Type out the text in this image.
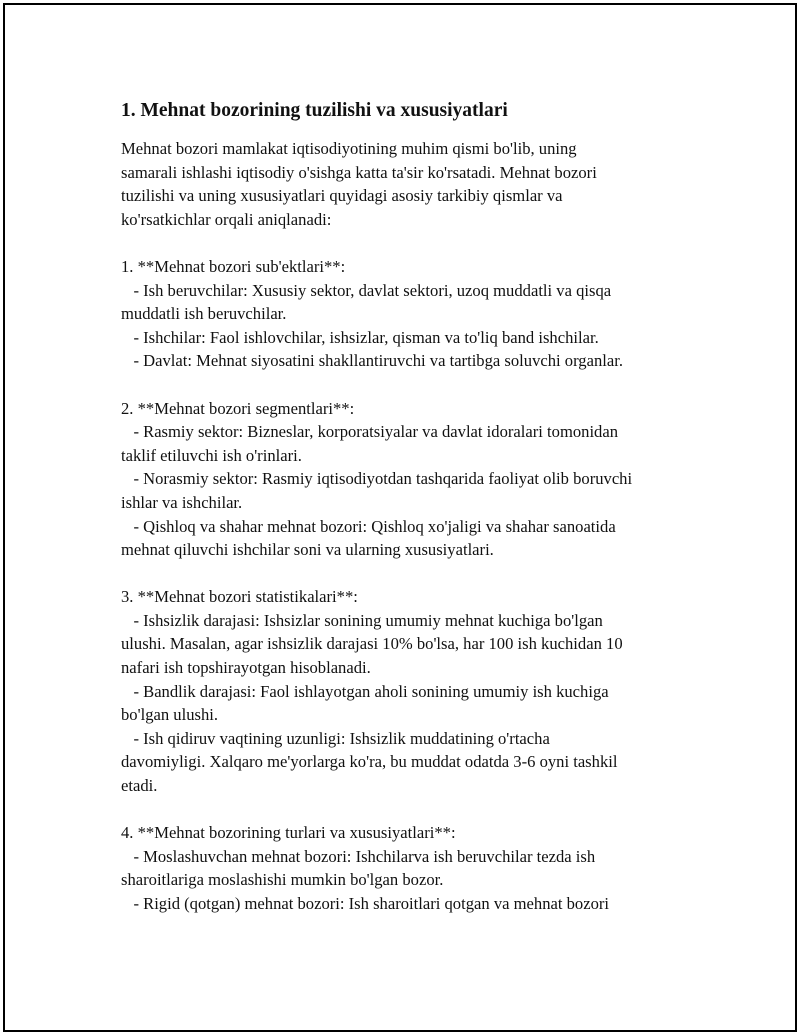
1. Mehnat bozorining tuzilishi va xususiyatlari
Mehnat bozori mamlakat iqtisodiyotining muhim qismi bo'lib, uning
samarali ishlashi iqtisodiy o'sishga katta ta'sir ko'rsatadi. Mehnat bozori
tuzilishi va uning xususiyatlari quyidagi asosiy tarkibiy qismlar va
ko'rsatkichlar orqali aniqlanadi:
1. **Mehnat bozori sub'ektlari**:
- Ish beruvchilar: Xususiy sektor, davlat sektori, uzoq muddatli va qisqa
muddatli ish beruvchilar.
- Ishchilar: Faol ishlovchilar, ishsizlar, qisman va to'liq band ishchilar.
- Davlat: Mehnat siyosatini shakllantiruvchi va tartibga soluvchi organlar.
2. **Mehnat bozori segmentlari**:
- Rasmiy sektor: Bizneslar, korporatsiyalar va davlat idoralari tomonidan
taklif etiluvchi ish o'rinlari.
- Norasmiy sektor: Rasmiy iqtisodiyotdan tashqarida faoliyat olib boruvchi
ishlar va ishchilar.
- Qishloq va shahar mehnat bozori: Qishloq xo'jaligi va shahar sanoatida
mehnat qiluvchi ishchilar soni va ularning xususiyatlari.
3. **Mehnat bozori statistikalari**:
- Ishsizlik darajasi: Ishsizlar sonining umumiy mehnat kuchiga bo'lgan
ulushi. Masalan, agar ishsizlik darajasi 10% bo'lsa, har 100 ish kuchidan 10
nafari ish topshirayotgan hisoblanadi.
- Bandlik darajasi: Faol ishlayotgan aholi sonining umumiy ish kuchiga
bo'lgan ulushi.
- Ish qidiruv vaqtining uzunligi: Ishsizlik muddatining o'rtacha
davomiyligi. Xalqaro me'yorlarga ko'ra, bu muddat odatda 3-6 oyni tashkil
etadi.
4. **Mehnat bozorining turlari va xususiyatlari**:
- Moslashuvchan mehnat bozori: Ishchilarva ish beruvchilar tezda ish
sharoitlariga moslashishi mumkin bo'lgan bozor.
- Rigid (qotgan) mehnat bozori: Ish sharoitlari qotgan va mehnat bozori
